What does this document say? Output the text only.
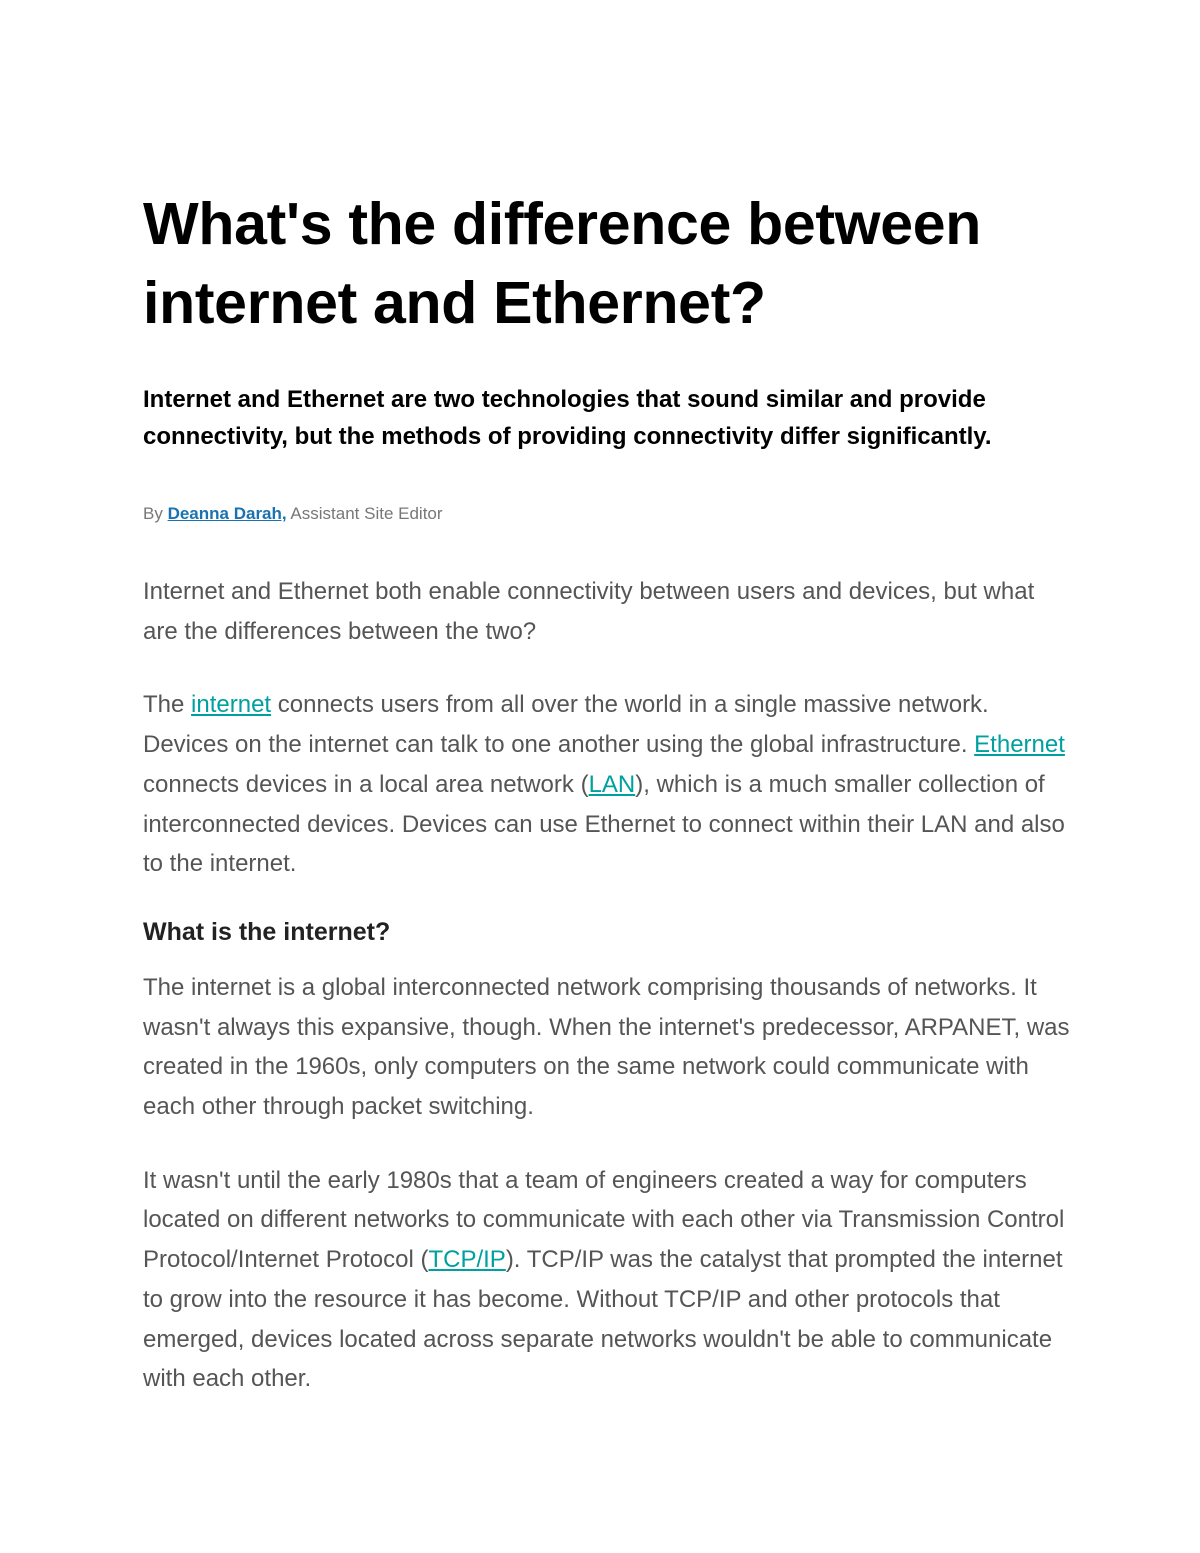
What's the difference between
internet and Ethernet?

Internet and Ethernet are two technologies that sound similar and provide connectivity, but the methods of providing connectivity differ significantly.

By Deanna Darah, Assistant Site Editor

Internet and Ethernet both enable connectivity between users and devices, but what are the differences between the two?

The internet connects users from all over the world in a single massive network. Devices on the internet can talk to one another using the global infrastructure. Ethernet connects devices in a local area network (LAN), which is a much smaller collection of interconnected devices. Devices can use Ethernet to connect within their LAN and also to the internet.

What is the internet?

The internet is a global interconnected network comprising thousands of networks. It wasn't always this expansive, though. When the internet's predecessor, ARPANET, was created in the 1960s, only computers on the same network could communicate with each other through packet switching.

It wasn't until the early 1980s that a team of engineers created a way for computers located on different networks to communicate with each other via Transmission Control Protocol/Internet Protocol (TCP/IP). TCP/IP was the catalyst that prompted the internet to grow into the resource it has become. Without TCP/IP and other protocols that emerged, devices located across separate networks wouldn't be able to communicate with each other.
